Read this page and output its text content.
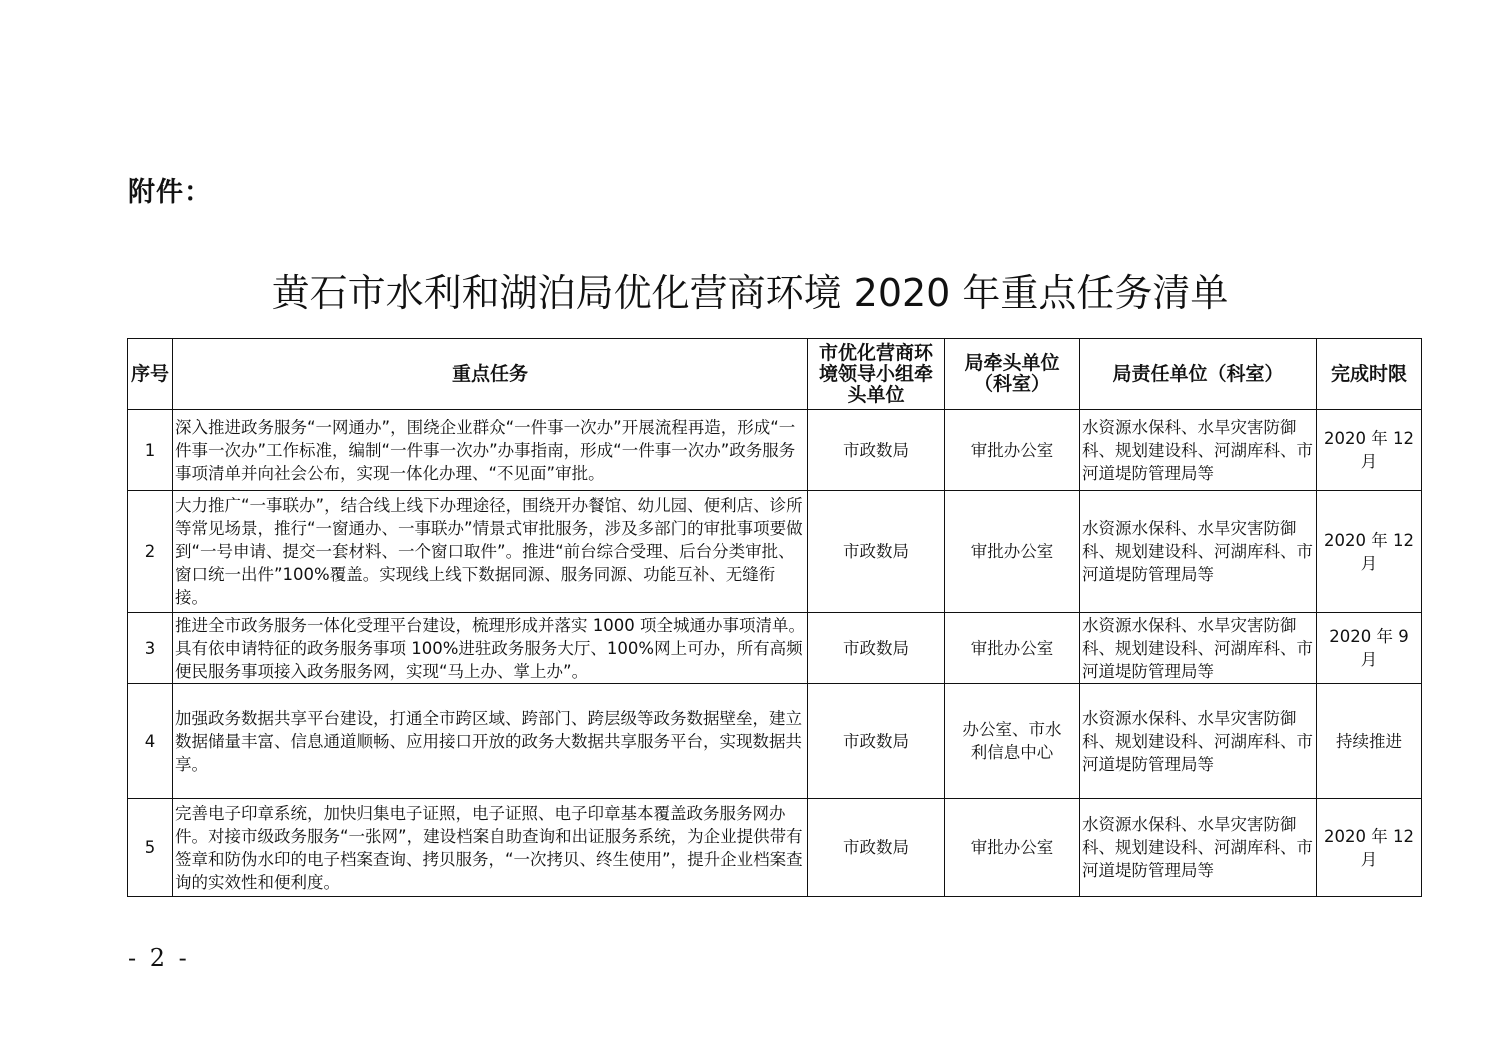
附件：
黄石市水利和湖泊局优化营商环境 2020 年重点任务清单
序号	重点任务	市优化营商环境领导小组牵头单位	局牵头单位（科室）	局责任单位（科室）	完成时限
1	深入推进政务服务“一网通办”，围绕企业群众“一件事一次办”开展流程再造，形成“一件事一次办”工作标准，编制“一件事一次办”办事指南，形成“一件事一次办”政务服务事项清单并向社会公布，实现一体化办理、“不见面”审批。	市政数局	审批办公室	水资源水保科、水旱灾害防御科、规划建设科、河湖库科、市河道堤防管理局等	2020 年 12 月
2	大力推广“一事联办”，结合线上线下办理途径，围绕开办餐馆、幼儿园、便利店、诊所等常见场景，推行“一窗通办、一事联办”情景式审批服务，涉及多部门的审批事项要做到“一号申请、提交一套材料、一个窗口取件”。推进“前台综合受理、后台分类审批、窗口统一出件”100%覆盖。实现线上线下数据同源、服务同源、功能互补、无缝衔接。	市政数局	审批办公室	水资源水保科、水旱灾害防御科、规划建设科、河湖库科、市河道堤防管理局等	2020 年 12 月
3	推进全市政务服务一体化受理平台建设，梳理形成并落实 1000 项全城通办事项清单。具有依申请特征的政务服务事项 100%进驻政务服务大厅、100%网上可办，所有高频便民服务事项接入政务服务网，实现“马上办、掌上办”。	市政数局	审批办公室	水资源水保科、水旱灾害防御科、规划建设科、河湖库科、市河道堤防管理局等	2020 年 9 月
4	加强政务数据共享平台建设，打通全市跨区域、跨部门、跨层级等政务数据壁垒，建立数据储量丰富、信息通道顺畅、应用接口开放的政务大数据共享服务平台，实现数据共享。	市政数局	办公室、市水利信息中心	水资源水保科、水旱灾害防御科、规划建设科、河湖库科、市河道堤防管理局等	持续推进
5	完善电子印章系统，加快归集电子证照，电子证照、电子印章基本覆盖政务服务网办件。对接市级政务服务“一张网”，建设档案自助查询和出证服务系统，为企业提供带有签章和防伪水印的电子档案查询、拷贝服务，“一次拷贝、终生使用”，提升企业档案查询的实效性和便利度。	市政数局	审批办公室	水资源水保科、水旱灾害防御科、规划建设科、河湖库科、市河道堤防管理局等	2020 年 12 月
- 2 -
